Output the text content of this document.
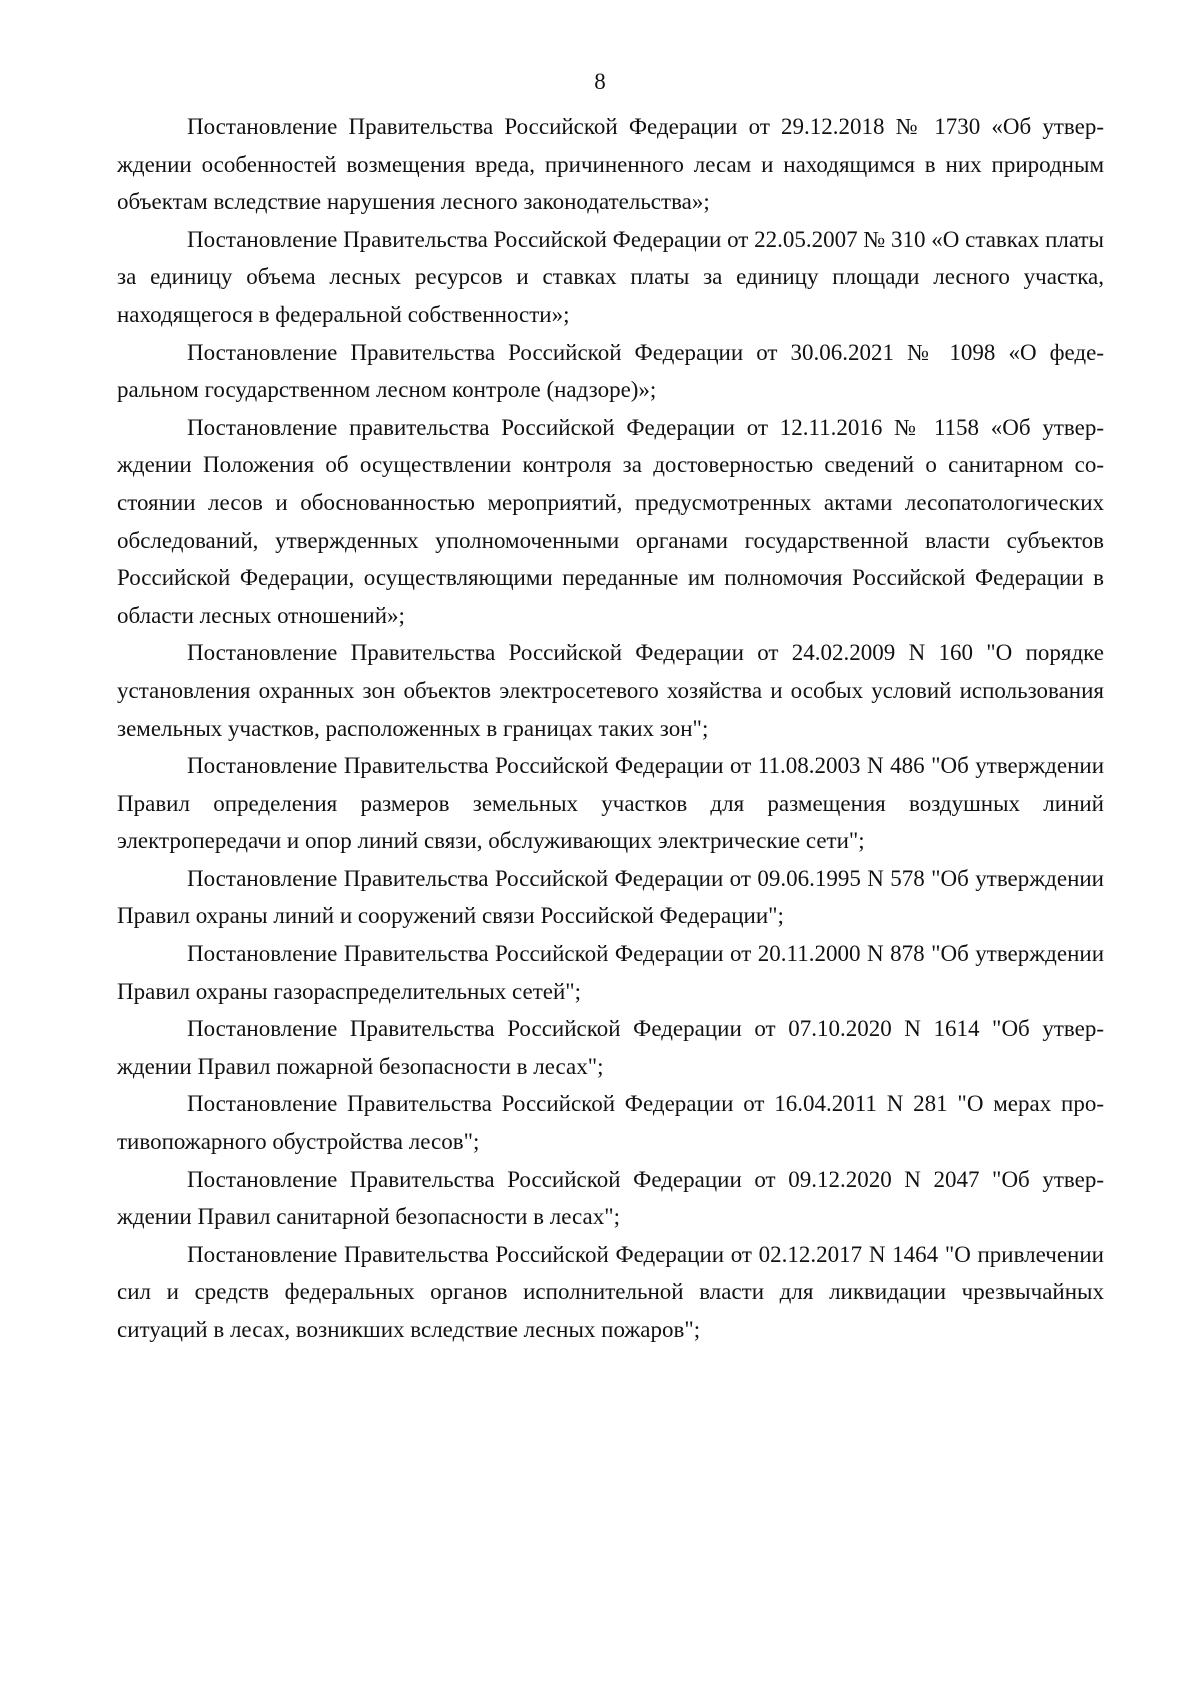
8

Постановление Правительства Российской Федерации от 29.12.2018 № 1730 «Об утверждении особенностей возмещения вреда, причиненного лесам и находящимся в них природным объектам вследствие нарушения лесного законодательства»;

Постановление Правительства Российской Федерации от 22.05.2007 № 310 «О ставках платы за единицу объема лесных ресурсов и ставках платы за единицу площади лесного участка, находящегося в федеральной собственности»;

Постановление Правительства Российской Федерации от 30.06.2021 № 1098 «О федеральном государственном лесном контроле (надзоре)»;

Постановление правительства Российской Федерации от 12.11.2016 № 1158 «Об утверждении Положения об осуществлении контроля за достоверностью сведений о санитарном состоянии лесов и обоснованностью мероприятий, предусмотренных актами лесопатологических обследований, утвержденных уполномоченными органами государственной власти субъектов Российской Федерации, осуществляющими переданные им полномочия Российской Федерации в области лесных отношений»;

Постановление Правительства Российской Федерации от 24.02.2009 N 160 "О порядке установления охранных зон объектов электросетевого хозяйства и особых условий использования земельных участков, расположенных в границах таких зон";

Постановление Правительства Российской Федерации от 11.08.2003 N 486 "Об утверждении Правил определения размеров земельных участков для размещения воздушных линий электропередачи и опор линий связи, обслуживающих электрические сети";

Постановление Правительства Российской Федерации от 09.06.1995 N 578 "Об утверждении Правил охраны линий и сооружений связи Российской Федерации";

Постановление Правительства Российской Федерации от 20.11.2000 N 878 "Об утверждении Правил охраны газораспределительных сетей";

Постановление Правительства Российской Федерации от 07.10.2020 N 1614 "Об утверждении Правил пожарной безопасности в лесах";

Постановление Правительства Российской Федерации от 16.04.2011 N 281 "О мерах противопожарного обустройства лесов";

Постановление Правительства Российской Федерации от 09.12.2020 N 2047 "Об утверждении Правил санитарной безопасности в лесах";

Постановление Правительства Российской Федерации от 02.12.2017 N 1464 "О привлечении сил и средств федеральных органов исполнительной власти для ликвидации чрезвычайных ситуаций в лесах, возникших вследствие лесных пожаров";
